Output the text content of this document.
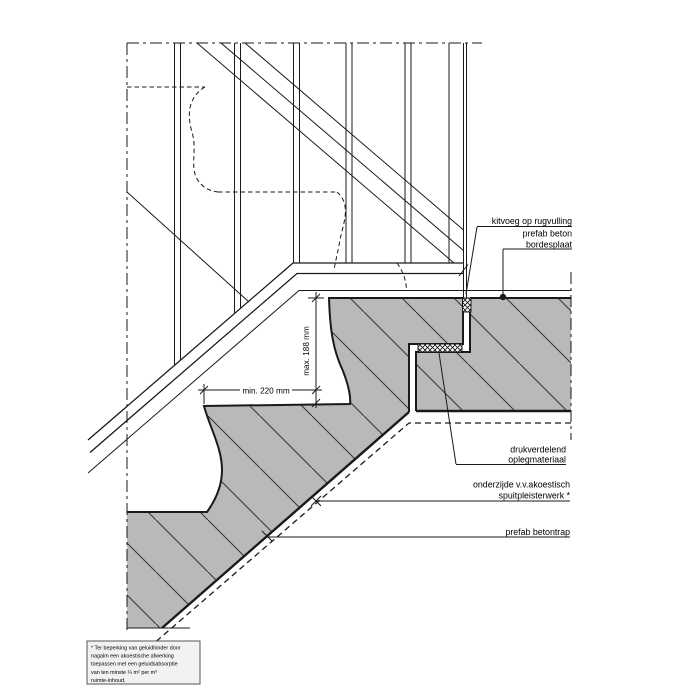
max. 188 mm
min. 220 mm
kitvoeg op rugvulling
prefab beton
bordesplaat
drukverdelend
oplegmateriaal
onderzijde v.v.akoestisch
spuitpleisterwerk *
prefab betontrap
* Ter beperking van geluidhinder door
nagalm een akoestische afwerking
toepassen met een geluidsabsorptie
van ten minste ¼ m² per m³
ruimte-inhoud.
